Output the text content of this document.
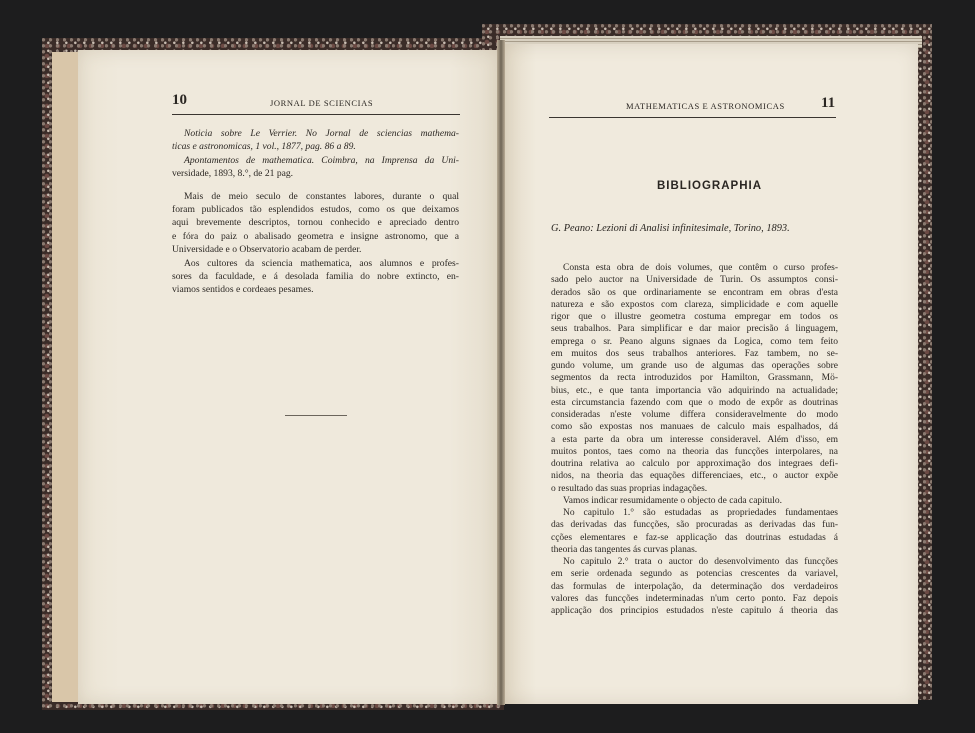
10	JORNAL DE SCIENCIAS
Noticia sobre Le Verrier. No Jornal de sciencias mathema-
ticas e astronomicas, 1 vol., 1877, pag. 86 a 89.
Apontamentos de mathematica. Coimbra, na Imprensa da Uni-
versidade, 1893, 8.°, de 21 pag.
Mais de meio seculo de constantes labores, durante o qual
foram publicados tão esplendidos estudos, como os que deixamos
aqui brevemente descriptos, tornou conhecido e apreciado dentro
e fóra do paiz o abalisado geometra e insigne astronomo, que a
Universidade e o Observatorio acabam de perder.
Aos cultores da sciencia mathematica, aos alumnos e profes-
sores da faculdade, e á desolada familia do nobre extincto, en-
viamos sentidos e cordeaes pesames.
MATHEMATICAS E ASTRONOMICAS 11
BIBLIOGRAPHIA
G. Peano: Lezioni di Analisi infinitesimale, Torino, 1893.
Consta esta obra de dois volumes, que contêm o curso profes-
sado pelo auctor na Universidade de Turin. Os assumptos consi-
derados são os que ordinariamente se encontram em obras d'esta
natureza e são expostos com clareza, simplicidade e com aquelle
rigor que o illustre geometra costuma empregar em todos os
seus trabalhos. Para simplificar e dar maior precisão á linguagem,
emprega o sr. Peano alguns signaes da Logica, como tem feito
em muitos dos seus trabalhos anteriores. Faz tambem, no se-
gundo volume, um grande uso de algumas das operações sobre
segmentos da recta introduzidos por Hamilton, Grassmann, Mö-
bius, etc., e que tanta importancia vão adquirindo na actualidade;
esta circumstancia fazendo com que o modo de expôr as doutrinas
consideradas n'este volume differa consideravelmente do modo
como são expostas nos manuaes de calculo mais espalhados, dá
a esta parte da obra um interesse consideravel. Além d'isso, em
muitos pontos, taes como na theoria das funcções interpolares, na
doutrina relativa ao calculo por approximação dos integraes defi-
nidos, na theoria das equações differenciaes, etc., o auctor expõe
o resultado das suas proprias indagações.
Vamos indicar resumidamente o objecto de cada capitulo.
No capitulo 1.° são estudadas as propriedades fundamentaes
das derivadas das funcções, são procuradas as derivadas das fun-
cções elementares e faz-se applicação das doutrinas estudadas á
theoria das tangentes ás curvas planas.
No capitulo 2.° trata o auctor do desenvolvimento das funcções
em serie ordenada segundo as potencias crescentes da variavel,
das formulas de interpolação, da determinação dos verdadeiros
valores das funcções indeterminadas n'um certo ponto. Faz depois
applicação dos principios estudados n'este capitulo á theoria das
